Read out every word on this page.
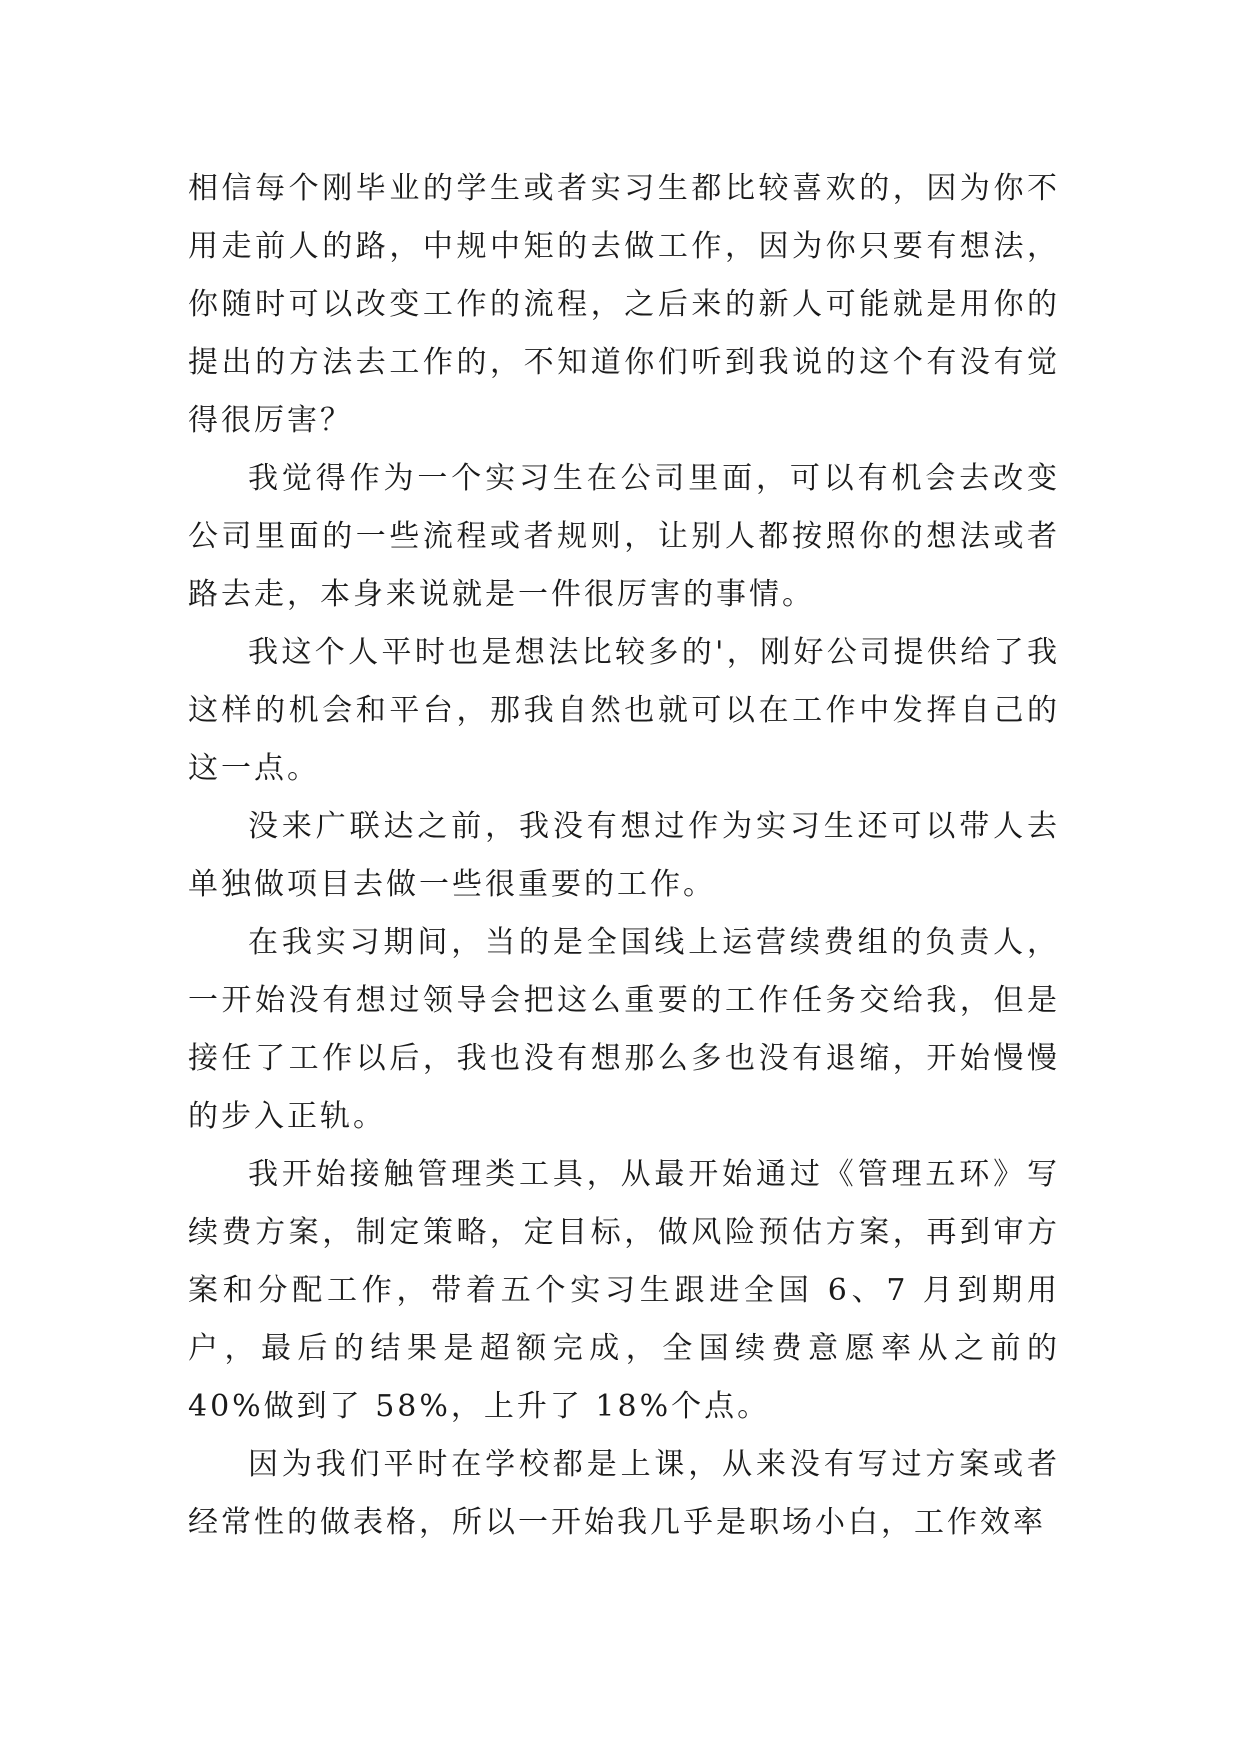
相信每个刚毕业的学生或者实习生都比较喜欢的，因为你不用走前人的路，中规中矩的去做工作，因为你只要有想法，你随时可以改变工作的流程，之后来的新人可能就是用你的提出的方法去工作的，不知道你们听到我说的这个有没有觉得很厉害？

我觉得作为一个实习生在公司里面，可以有机会去改变公司里面的一些流程或者规则，让别人都按照你的想法或者路去走，本身来说就是一件很厉害的事情。

我这个人平时也是想法比较多的'，刚好公司提供给了我这样的机会和平台，那我自然也就可以在工作中发挥自己的这一点。

没来广联达之前，我没有想过作为实习生还可以带人去单独做项目去做一些很重要的工作。

在我实习期间，当的是全国线上运营续费组的负责人，一开始没有想过领导会把这么重要的工作任务交给我，但是接任了工作以后，我也没有想那么多也没有退缩，开始慢慢的步入正轨。

我开始接触管理类工具，从最开始通过《管理五环》写续费方案，制定策略，定目标，做风险预估方案，再到审方案和分配工作，带着五个实习生跟进全国 6、7 月到期用户，最后的结果是超额完成，全国续费意愿率从之前的 40%做到了 58%，上升了 18%个点。

因为我们平时在学校都是上课，从来没有写过方案或者经常性的做表格，所以一开始我几乎是职场小白，工作效率
